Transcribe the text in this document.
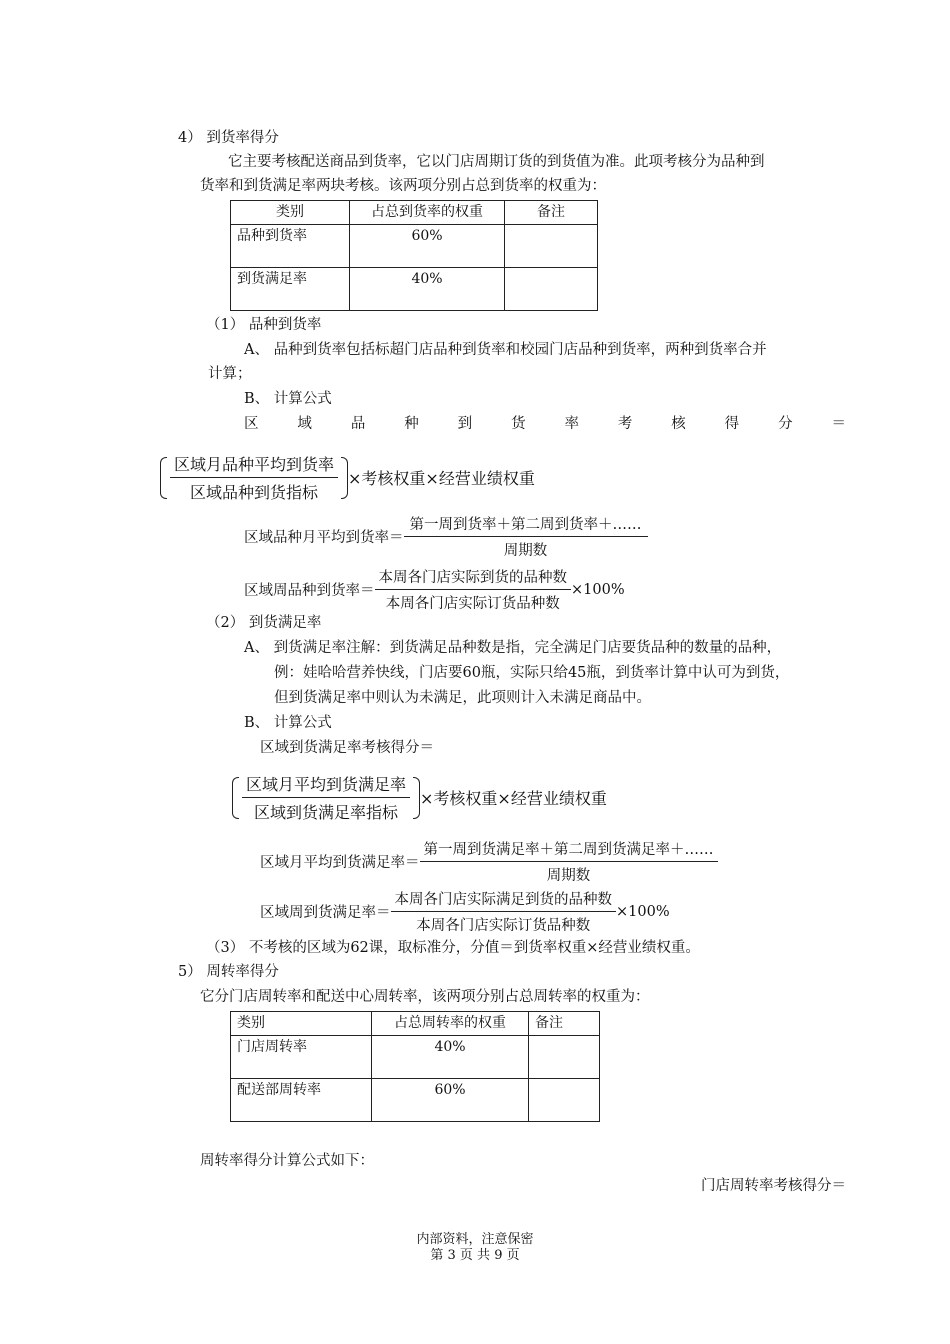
4） 到货率得分
它主要考核配送商品到货率，它以门店周期订货的到货值为准。此项考核分为品种到
货率和到货满足率两块考核。该两项分别占总到货率的权重为：
类别	占总到货率的权重	备注
品种到货率	60%	
到货满足率	40%	
（1） 品种到货率
A、 品种到货率包括标超门店品种到货率和校园门店品种到货率，两种到货率合并
计算；
B、 计算公式
区	域	品	种	到	货	率	考	核	得	分	＝
$\frac{\text{区域月品种平均到货率}}{\text{区域品种到货指标}}$ ×考核权重×经营业绩权重
区域品种月平均到货率＝ $\frac{\text{第一周到货率＋第二周到货率＋……}}{\text{周期数}}$
区域周品种到货率＝ $\frac{\text{本周各门店实际到货的品种数}}{\text{本周各门店实际订货品种数}} \times 100\%$
（2） 到货满足率
A、 到货满足率注解：到货满足品种数是指，完全满足门店要货品种的数量的品种，
例：娃哈哈营养快线，门店要60瓶，实际只给45瓶，到货率计算中认可为到货，
但到货满足率中则认为未满足，此项则计入未满足商品中。
B、 计算公式
区域到货满足率考核得分＝
$\frac{\text{区域月平均到货满足率}}{\text{区域到货满足率指标}}$ ×考核权重×经营业绩权重
区域月平均到货满足率＝ $\frac{\text{第一周到货满足率＋第二周到货满足率＋……}}{\text{周期数}}$
区域周到货满足率＝ $\frac{\text{本周各门店实际满足到货的品种数}}{\text{本周各门店实际订货品种数}} \times 100\%$
（3） 不考核的区域为62课，取标准分，分值＝到货率权重×经营业绩权重。
5） 周转率得分
它分门店周转率和配送中心周转率，该两项分别占总周转率的权重为：
类别	占总周转率的权重	备注
门店周转率	40%	
配送部周转率	60%	
周转率得分计算公式如下：
门店周转率考核得分＝
内部资料，注意保密
第 3 页 共 9 页
